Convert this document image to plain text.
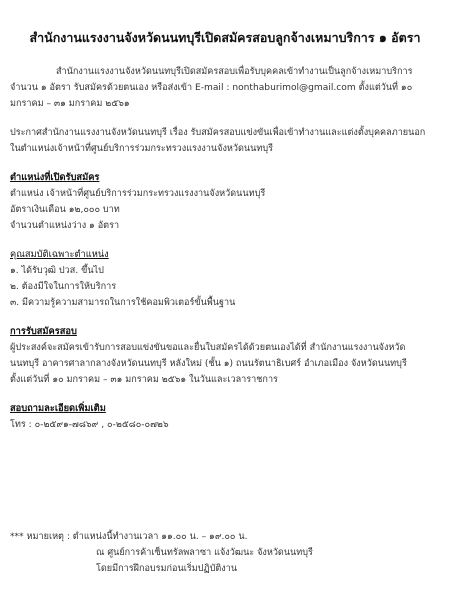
สำนักงานแรงงานจังหวัดนนทบุรีเปิดสมัครสอบลูกจ้างเหมาบริการ ๑ อัตรา
สำนักงานแรงงานจังหวัดนนทบุรีเปิดสมัครสอบเพื่อรับบุคคลเข้าทำงานเป็นลูกจ้างเหมาบริการ
จำนวน ๑ อัตรา รับสมัครด้วยตนเอง หรือส่งเข้า E-mail : nonthaburimol@gmail.com ตั้งแต่วันที่ ๑๐
มกราคม – ๓๑ มกราคม ๒๕๖๑
ประกาศสำนักงานแรงงานจังหวัดนนทบุรี เรื่อง รับสมัครสอบแข่งขันเพื่อเข้าทำงานและแต่งตั้งบุคคลภายนอก
ในตำแหน่งเจ้าหน้าที่ศูนย์บริการร่วมกระทรวงแรงงานจังหวัดนนทบุรี
ตำแหน่งที่เปิดรับสมัคร
ตำแหน่ง เจ้าหน้าที่ศูนย์บริการร่วมกระทรวงแรงงานจังหวัดนนทบุรี
อัตราเงินเดือน ๑๒,๐๐๐ บาท
จำนวนตำแหน่งว่าง ๑ อัตรา
คุณสมบัติเฉพาะตำแหน่ง
๑. ได้รับวุฒิ ปวส. ขึ้นไป
๒. ต้องมีใจในการให้บริการ
๓. มีความรู้ความสามารถในการใช้คอมพิวเตอร์ขั้นพื้นฐาน
การรับสมัครสอบ
ผู้ประสงค์จะสมัครเข้ารับการสอบแข่งขันขอและยื่นใบสมัครได้ด้วยตนเองได้ที่ สำนักงานแรงงานจังหวัด
นนทบุรี อาคารศาลากลางจังหวัดนนทบุรี หลังใหม่ (ชั้น ๑) ถนนรัตนาธิเบศร์ อำเภอเมือง จังหวัดนนทบุรี
ตั้งแต่วันที่ ๑๐ มกราคม – ๓๑ มกราคม ๒๕๖๑ ในวันและเวลาราชการ
สอบถามละเอียดเพิ่มเติม
โทร : ๐-๒๕๙๑-๗๘๖๙ , ๐-๒๕๘๐-๐๗๒๖
*** หมายเหตุ : ตำแหน่งนี้ทำงานเวลา ๑๑.๐๐ น. – ๑๙.๐๐ น.
ณ ศูนย์การค้าเซ็นทรัลพลาซา แจ้งวัฒนะ จังหวัดนนทบุรี
โดยมีการฝึกอบรมก่อนเริ่มปฏิบัติงาน
